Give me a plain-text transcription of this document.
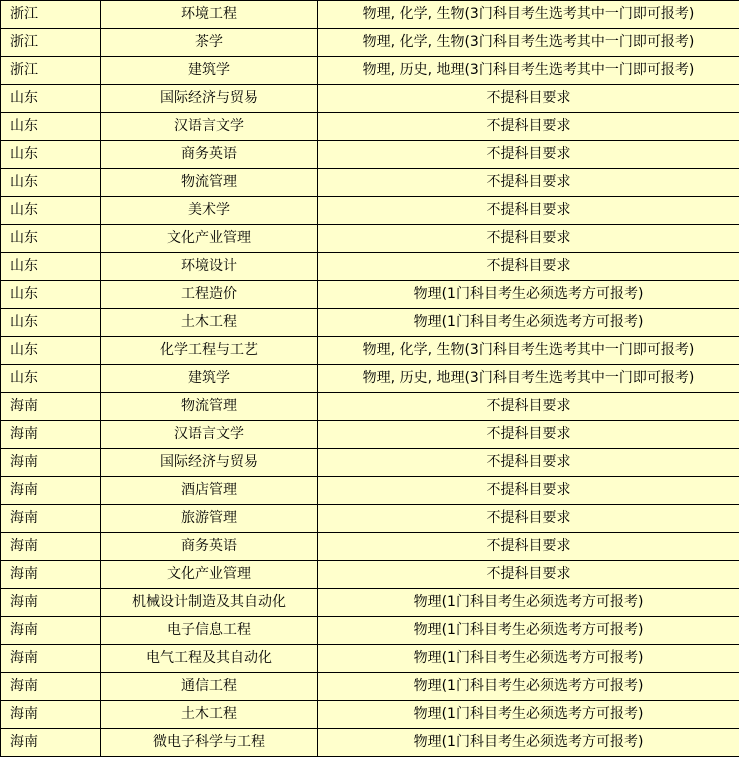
浙江	环境工程	物理, 化学, 生物(3门科目考生选考其中一门即可报考)
浙江	茶学	物理, 化学, 生物(3门科目考生选考其中一门即可报考)
浙江	建筑学	物理, 历史, 地理(3门科目考生选考其中一门即可报考)
山东	国际经济与贸易	不提科目要求
山东	汉语言文学	不提科目要求
山东	商务英语	不提科目要求
山东	物流管理	不提科目要求
山东	美术学	不提科目要求
山东	文化产业管理	不提科目要求
山东	环境设计	不提科目要求
山东	工程造价	物理(1门科目考生必须选考方可报考)
山东	土木工程	物理(1门科目考生必须选考方可报考)
山东	化学工程与工艺	物理, 化学, 生物(3门科目考生选考其中一门即可报考)
山东	建筑学	物理, 历史, 地理(3门科目考生选考其中一门即可报考)
海南	物流管理	不提科目要求
海南	汉语言文学	不提科目要求
海南	国际经济与贸易	不提科目要求
海南	酒店管理	不提科目要求
海南	旅游管理	不提科目要求
海南	商务英语	不提科目要求
海南	文化产业管理	不提科目要求
海南	机械设计制造及其自动化	物理(1门科目考生必须选考方可报考)
海南	电子信息工程	物理(1门科目考生必须选考方可报考)
海南	电气工程及其自动化	物理(1门科目考生必须选考方可报考)
海南	通信工程	物理(1门科目考生必须选考方可报考)
海南	土木工程	物理(1门科目考生必须选考方可报考)
海南	微电子科学与工程	物理(1门科目考生必须选考方可报考)
